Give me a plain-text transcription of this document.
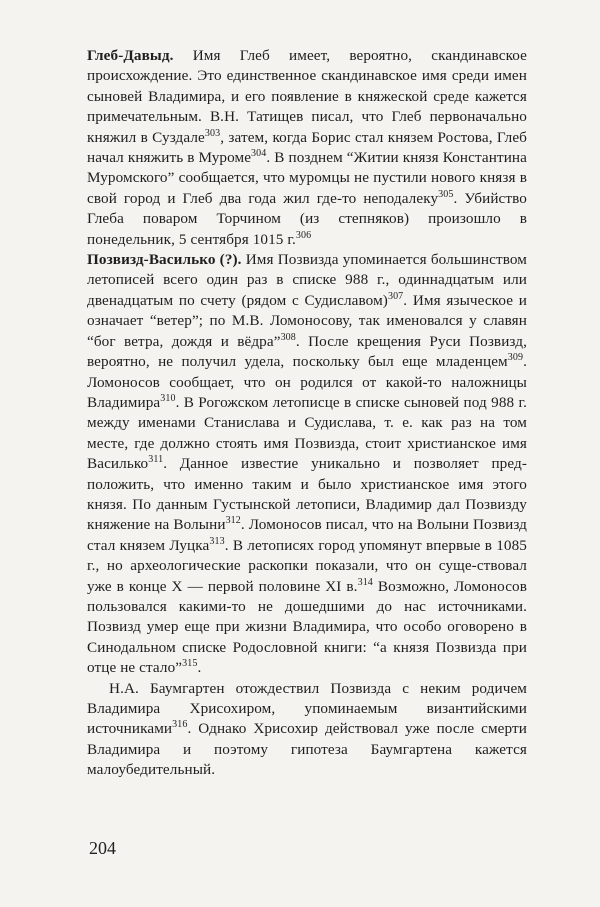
Глеб-Давыд. Имя Глеб имеет, вероятно, скандинавское происхождение. Это единственное скандинавское имя среди имен сыновей Владимира, и его появление в княжеской среде кажется примечательным. В.Н. Татищев писал, что Глеб первоначально княжил в Суздале$^{303}$, затем, когда Борис стал князем Ростова, Глеб начал княжить в Муроме$^{304}$. В позднем “Житии князя Константина Муромского” сообщается, что муромцы не пустили нового князя в свой город и Глеб два года жил где-то неподалеку$^{305}$. Убийство Глеба поваром Торчином (из степняков) произошло в понедельник, 5 сентября 1015 г.$^{306}$

Позвизд-Василько (?). Имя Позвизда упоминается большинством летописей всего один раз в списке 988 г., одиннадцатым или двенадцатым по счету (рядом с Судиславом)$^{307}$. Имя языческое и означает “ветер”; по М.В. Ломоносову, так именовался у славян “бог ветра, дождя и вёдра”$^{308}$. После крещения Руси Позвизд, вероятно, не получил удела, поскольку был еще младенцем$^{309}$. Ломоносов сообщает, что он родился от какой-то наложницы Владимира$^{310}$. В Рогожском летописце в списке сыновей под 988 г. между именами Станислава и Судислава, т. е. как раз на том месте, где должно стоять имя Позвизда, стоит христианское имя Василько$^{311}$. Данное известие уникально и позволяет пред- положить, что именно таким и было христианское имя этого князя. По данным Густынской летописи, Владимир дал Позвизду княжение на Волыни$^{312}$. Ломоносов писал, что на Волыни Позвизд стал князем Луцка$^{313}$. В летописях город упомянут впервые в 1085 г., но археологические раскопки показали, что он суще-ствовал уже в конце X — первой половине XI в.$^{314}$ Возможно, Ломоносов пользовался какими-то не дошедшими до нас источниками. Позвизд умер еще при жизни Владимира, что особо оговорено в Синодальном списке Родословной книги: “а князя Позвизда при отце не стало”$^{315}$.

Н.А. Баумгартен отождествил Позвизда с неким родичем Владимира Хрисохиром, упоминаемым византийскими источниками$^{316}$. Однако Хрисохир действовал уже после смерти Владимира и поэтому гипотеза Баумгартена кажется малоубедительный.

204
